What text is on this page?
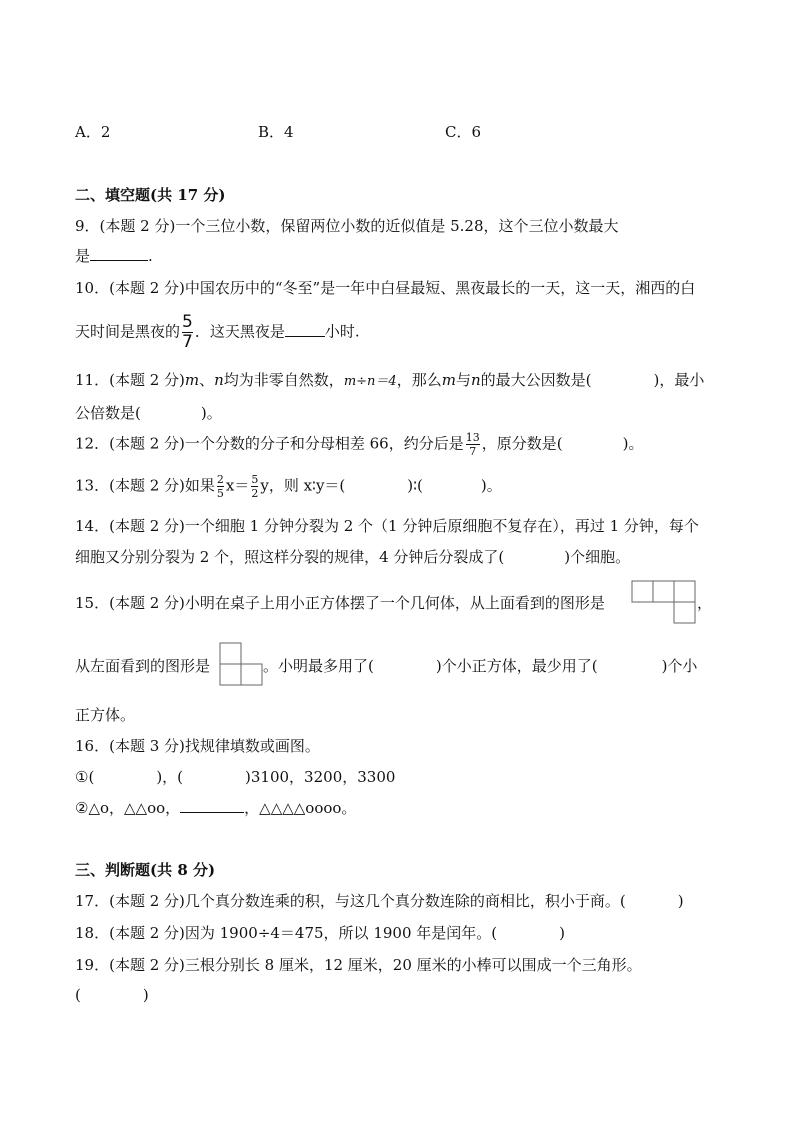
A．2	B．4	C．6
二、填空题(共 17 分)
9．(本题 2 分)一个三位小数，保留两位小数的近似值是 5.28，这个三位小数最大
是	.
10．(本题 2 分)中国农历中的“冬至”是一年中白昼最短、黑夜最长的一天，这一天，湘西的白
天时间是黑夜的 $\frac{5}{7}$ ．这天黑夜是	小时.
11．(本题 2 分)m、n均为非零自然数，m÷n＝4，那么m与n的最大公因数是(	)，最小
公倍数是(	)。
12．(本题 2 分)一个分数的分子和分母相差 66，约分后是 $\frac{13}{7}$ ，原分数是(	)。
13．(本题 2 分)如果 $\frac{2}{5} x= \frac{5}{2}$ y，则 x∶y＝(	)∶(	)。
14．(本题 2 分)一个细胞 1 分钟分裂为 2 个（1 分钟后原细胞不复存在），再过 1 分钟，每个
细胞又分别分裂为 2 个，照这样分裂的规律，4 分钟后分裂成了(	)个细胞。
15．(本题 2 分)小明在桌子上用小正方体摆了一个几何体，从上面看到的图形是	，
从左面看到的图形是	。小明最多用了(	)个小正方体，最少用了(	)个小
正方体。
16．(本题 3 分)找规律填数或画图。
①(	)，(	)3100，3200，3300
②△o，△△oo，	，△△△△oooo。
三、判断题(共 8 分)
17．(本题 2 分)几个真分数连乘的积，与这几个真分数连除的商相比，积小于商。(	)
18．(本题 2 分)因为 1900÷4＝475，所以 1900 年是闰年。(	)
19．(本题 2 分)三根分别长 8 厘米，12 厘米，20 厘米的小棒可以围成一个三角形。
(	)
